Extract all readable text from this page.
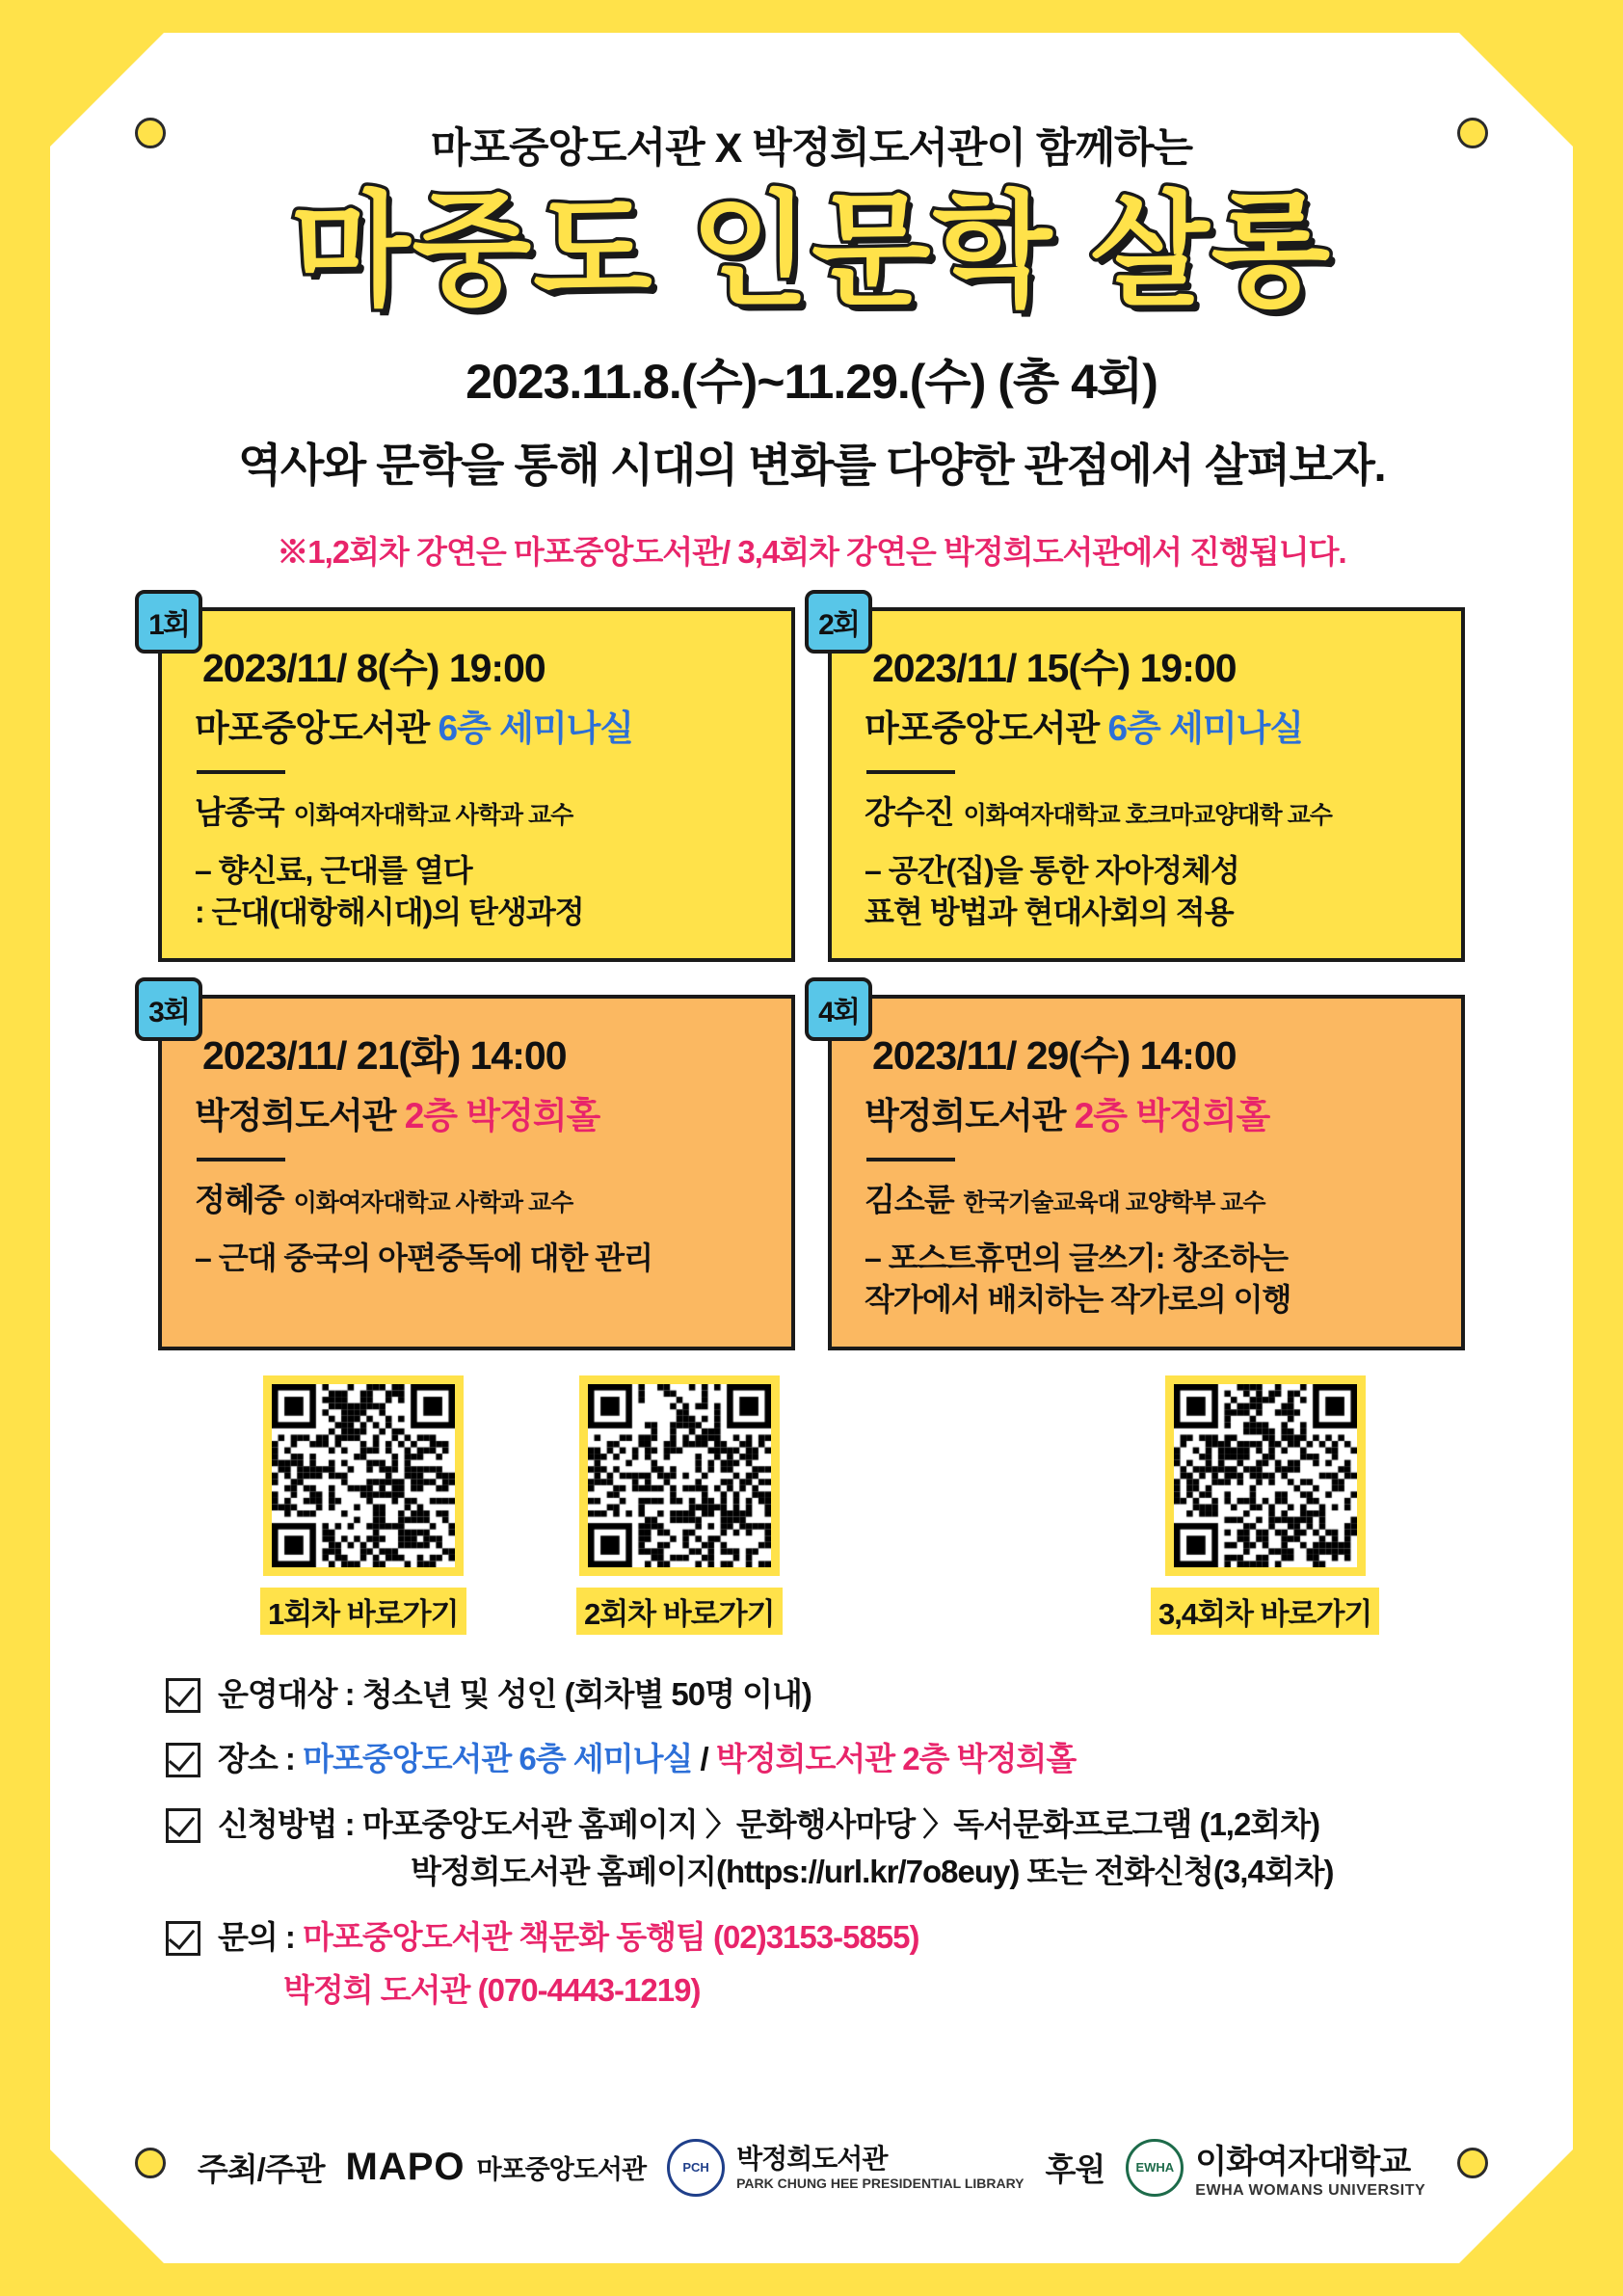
마포중앙도서관 X 박정희도서관이 함께하는
마중도 인문학 살롱
2023.11.8.(수)~11.29.(수) (총 4회)
역사와 문학을 통해 시대의 변화를 다양한 관점에서 살펴보자.
※1,2회차 강연은 마포중앙도서관/ 3,4회차 강연은 박정희도서관에서 진행됩니다.
1회
2023/11/ 8(수) 19:00
마포중앙도서관 6층 세미나실
남종국 이화여자대학교 사학과 교수
– 향신료, 근대를 열다
: 근대(대항해시대)의 탄생과정
2회
2023/11/ 15(수) 19:00
마포중앙도서관 6층 세미나실
강수진 이화여자대학교 호크마교양대학 교수
– 공간(집)을 통한 자아정체성
표현 방법과 현대사회의 적용
3회
2023/11/ 21(화) 14:00
박정희도서관 2층 박정희홀
정혜중 이화여자대학교 사학과 교수
– 근대 중국의 아편중독에 대한 관리
4회
2023/11/ 29(수) 14:00
박정희도서관 2층 박정희홀
김소륜 한국기술교육대 교양학부 교수
– 포스트휴먼의 글쓰기: 창조하는
작가에서 배치하는 작가로의 이행
1회차 바로가기	2회차 바로가기	3,4회차 바로가기
운영대상 : 청소년 및 성인 (회차별 50명 이내)
장소 : 마포중앙도서관 6층 세미나실 / 박정희도서관 2층 박정희홀
신청방법 : 마포중앙도서관 홈페이지 〉문화행사마당 〉독서문화프로그램 (1,2회차)
박정희도서관 홈페이지(https://url.kr/7o8euy) 또는 전화신청(3,4회차)
문의 : 마포중앙도서관 책문화 동행팀 (02)3153-5855)
박정희 도서관 (070-4443-1219)
주최/주관 MAPO 마포중앙도서관	PCH	박정희도서관
PARK CHUNG HEE PRESIDENTIAL LIBRARY 후원	EWHA 이화여자대학교
EWHA WOMANS UNIVERSITY
